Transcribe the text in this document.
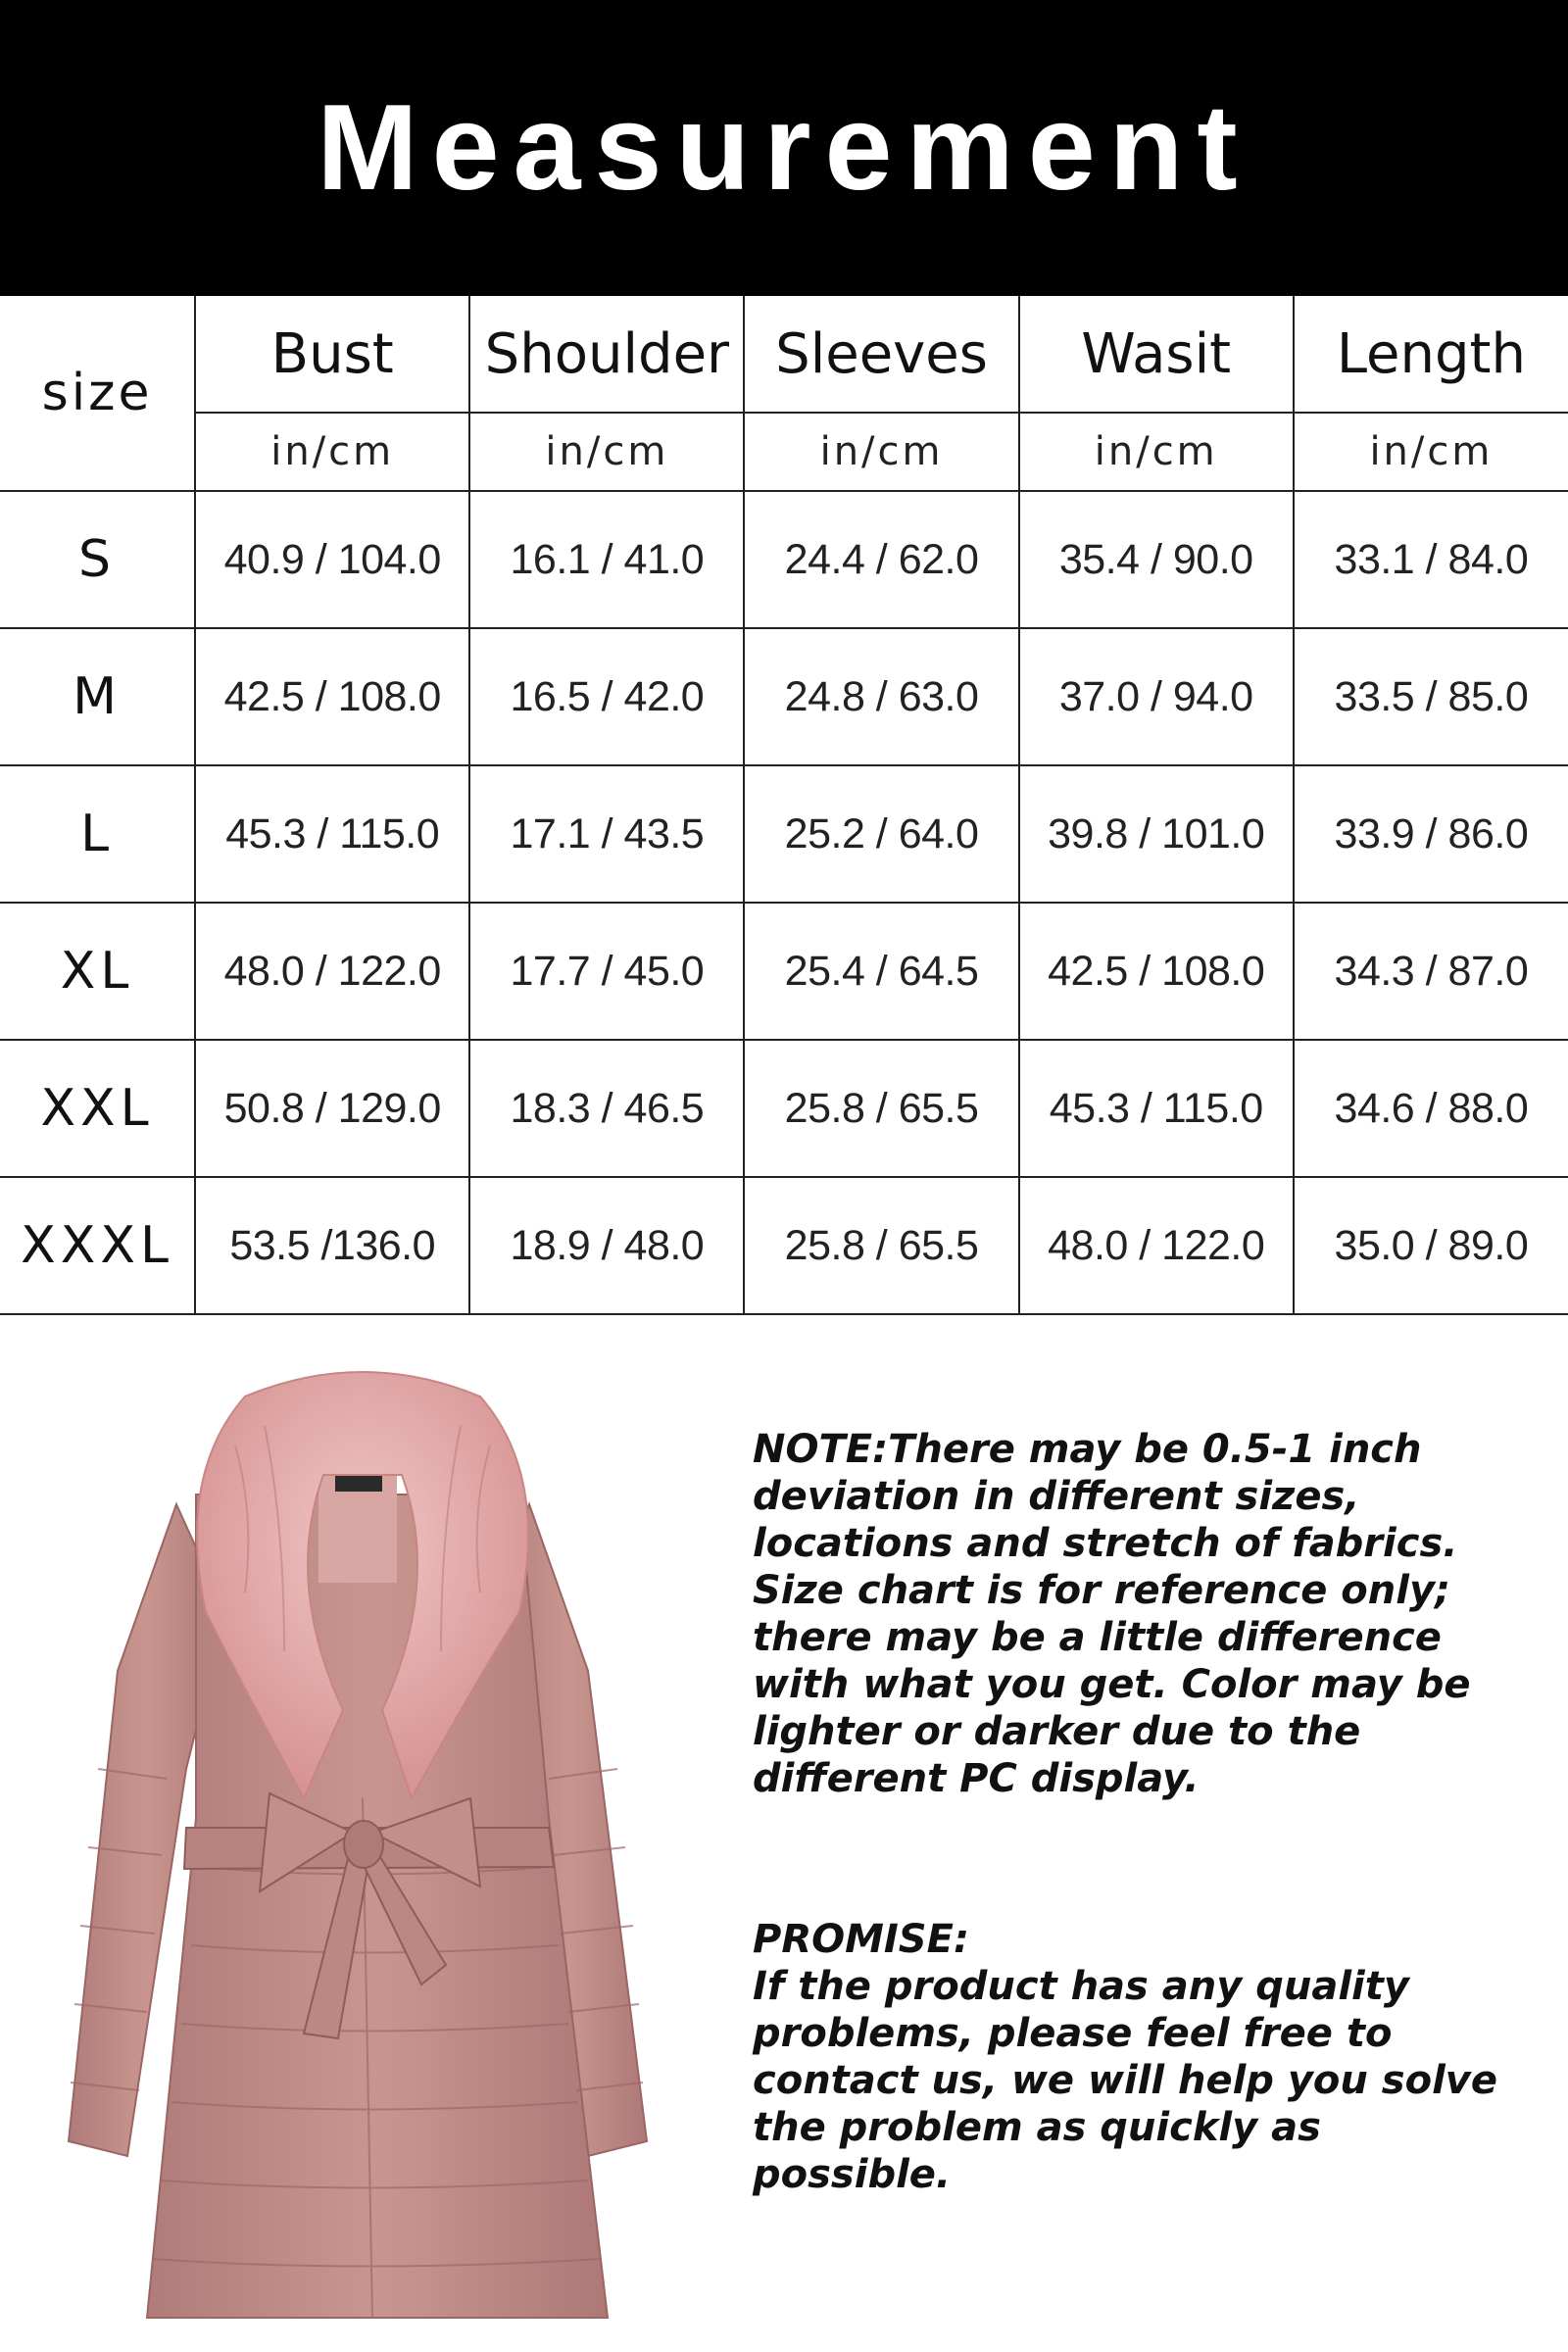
Measurement
size	Bust	Shoulder	Sleeves	Wasit	Length
	in/cm	in/cm	in/cm	in/cm	in/cm
S	40.9 / 104.0	16.1 / 41.0	24.4 / 62.0	35.4 / 90.0	33.1 / 84.0
M	42.5 / 108.0	16.5 / 42.0	24.8 / 63.0	37.0 / 94.0	33.5 / 85.0
L	45.3 / 115.0	17.1 / 43.5	25.2 / 64.0	39.8 / 101.0	33.9 / 86.0
XL	48.0 / 122.0	17.7 / 45.0	25.4 / 64.5	42.5 / 108.0	34.3 / 87.0
XXL	50.8 / 129.0	18.3 / 46.5	25.8 / 65.5	45.3 / 115.0	34.6 / 88.0
XXXL	53.5 /136.0	18.9 / 48.0	25.8 / 65.5	48.0 / 122.0	35.0 / 89.0

NOTE:There may be 0.5-1 inch
deviation in different sizes,
locations and stretch of fabrics.
Size chart is for reference only;
there may be a little difference
with what you get. Color may be
lighter or darker due to the
different PC display.

PROMISE:
If the product has any quality
problems, please feel free to
contact us, we will help you solve
the problem as quickly as
possible.
